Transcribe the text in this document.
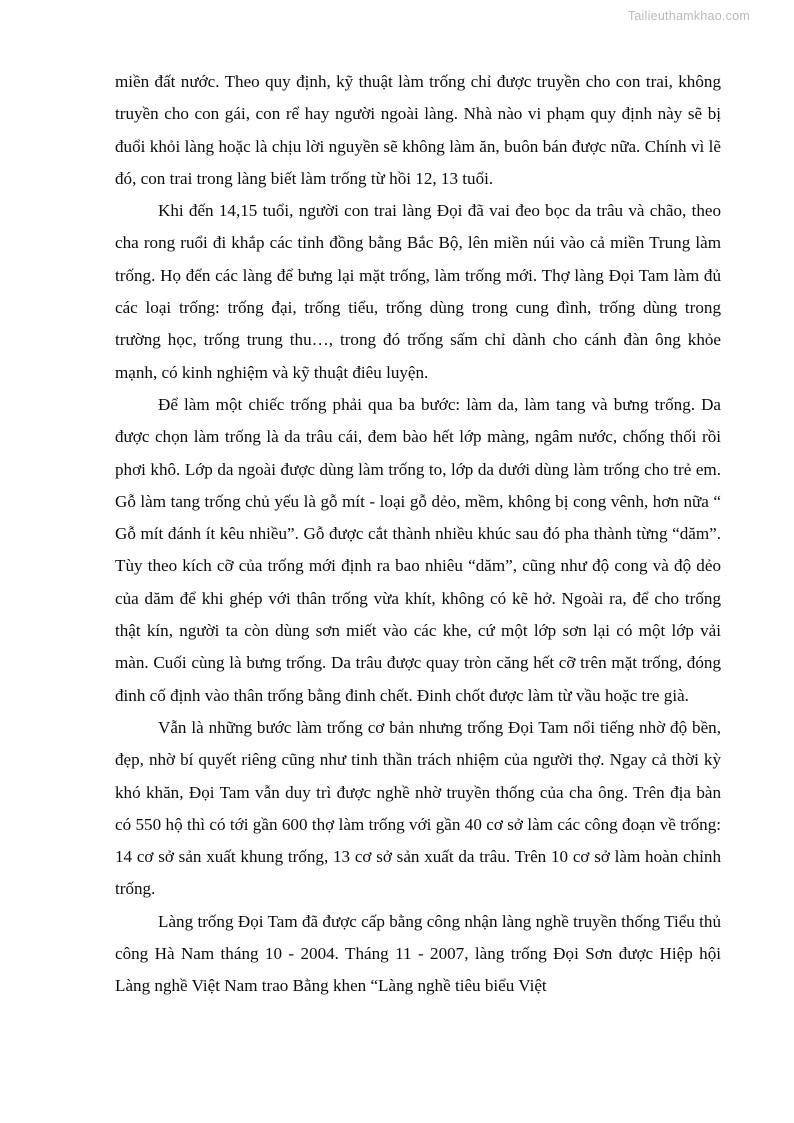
Tailieuthamkhao.com

miền đất nước. Theo quy định, kỹ thuật làm trống chỉ được truyền cho con trai, không truyền cho con gái, con rể hay người ngoài làng. Nhà nào vi phạm quy định này sẽ bị đuổi khỏi làng hoặc là chịu lời nguyền sẽ không làm ăn, buôn bán được nữa. Chính vì lẽ đó, con trai trong làng biết làm trống từ hồi 12, 13 tuổi.

Khi đến 14,15 tuổi, người con trai làng Đọi đã vai đeo bọc da trâu và chão, theo cha rong ruổi đi khắp các tỉnh đồng bằng Bắc Bộ, lên miền núi vào cả miền Trung làm trống. Họ đến các làng để bưng lại mặt trống, làm trống mới. Thợ làng Đọi Tam làm đủ các loại trống: trống đại, trống tiểu, trống dùng trong cung đình, trống dùng trong trường học, trống trung thu…, trong đó trống sấm chỉ dành cho cánh đàn ông khỏe mạnh, có kinh nghiệm và kỹ thuật điêu luyện.

Để làm một chiếc trống phải qua ba bước: làm da, làm tang và bưng trống. Da được chọn làm trống là da trâu cái, đem bào hết lớp màng, ngâm nước, chống thối rồi phơi khô. Lớp da ngoài được dùng làm trống to, lớp da dưới dùng làm trống cho trẻ em. Gỗ làm tang trống chủ yếu là gỗ mít - loại gỗ dẻo, mềm, không bị cong vênh, hơn nữa “ Gỗ mít đánh ít kêu nhiều”. Gỗ được cắt thành nhiều khúc sau đó pha thành từng “dăm”. Tùy theo kích cỡ của trống mới định ra bao nhiêu “dăm”, cũng như độ cong và độ dẻo của dăm để khi ghép với thân trống vừa khít, không có kẽ hở. Ngoài ra, để cho trống thật kín, người ta còn dùng sơn miết vào các khe, cứ một lớp sơn lại có một lớp vải màn. Cuối cùng là bưng trống. Da trâu được quay tròn căng hết cỡ trên mặt trống, đóng đinh cố định vào thân trống bằng đinh chết. Đinh chốt được làm từ vầu hoặc tre già.

Vẫn là những bước làm trống cơ bản nhưng trống Đọi Tam nổi tiếng nhờ độ bền, đẹp, nhờ bí quyết riêng cũng như tinh thần trách nhiệm của người thợ. Ngay cả thời kỳ khó khăn, Đọi Tam vẫn duy trì được nghề nhờ truyền thống của cha ông. Trên địa bàn có 550 hộ thì có tới gần 600 thợ làm trống với gần 40 cơ sở làm các công đoạn về trống: 14 cơ sở sản xuất khung trống, 13 cơ sở sản xuất da trâu. Trên 10 cơ sở làm hoàn chỉnh trống.

Làng trống Đọi Tam đã được cấp bằng công nhận làng nghề truyền thống Tiểu thủ công Hà Nam tháng 10 - 2004. Tháng 11 - 2007, làng trống Đọi Sơn được Hiệp hội Làng nghề Việt Nam trao Bằng khen “Làng nghề tiêu biểu Việt
